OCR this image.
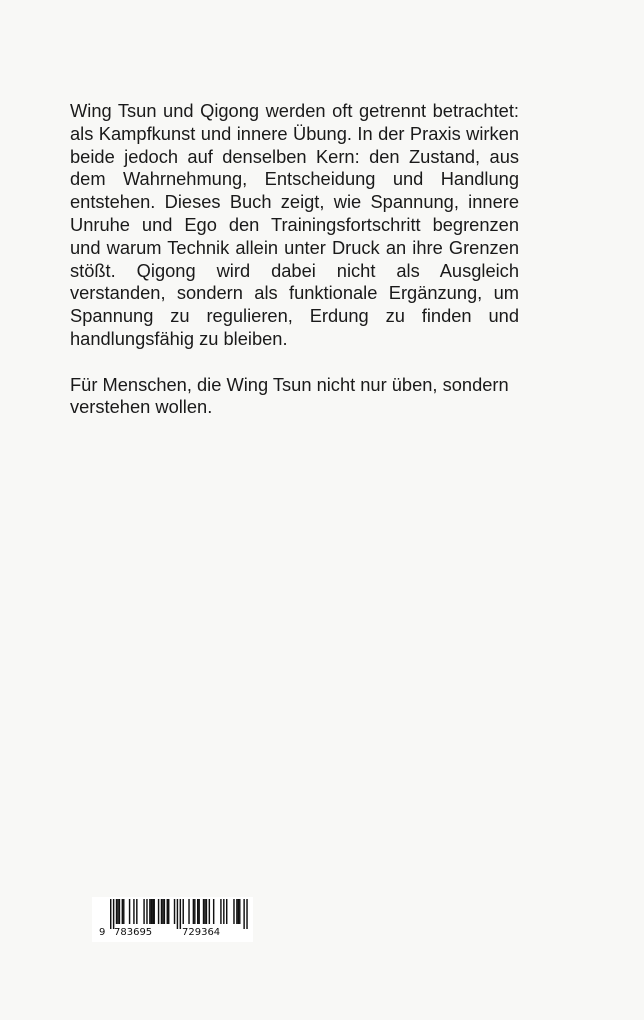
Wing Tsun und Qigong werden oft getrennt betrachtet: als Kampfkunst und innere Übung. In der Praxis wirken beide jedoch auf denselben Kern: den Zustand, aus dem Wahrnehmung, Entscheidung und Handlung entstehen. Dieses Buch zeigt, wie Spannung, innere Unruhe und Ego den Trainingsfortschritt begrenzen und warum Technik allein unter Druck an ihre Grenzen stößt. Qigong wird dabei nicht als Ausgleich verstanden, sondern als funktionale Ergänzung, um Spannung zu regulieren, Erdung zu finden und handlungsfähig zu bleiben.

Für Menschen, die Wing Tsun nicht nur üben, sondern verstehen wollen.

9 783695	729364
